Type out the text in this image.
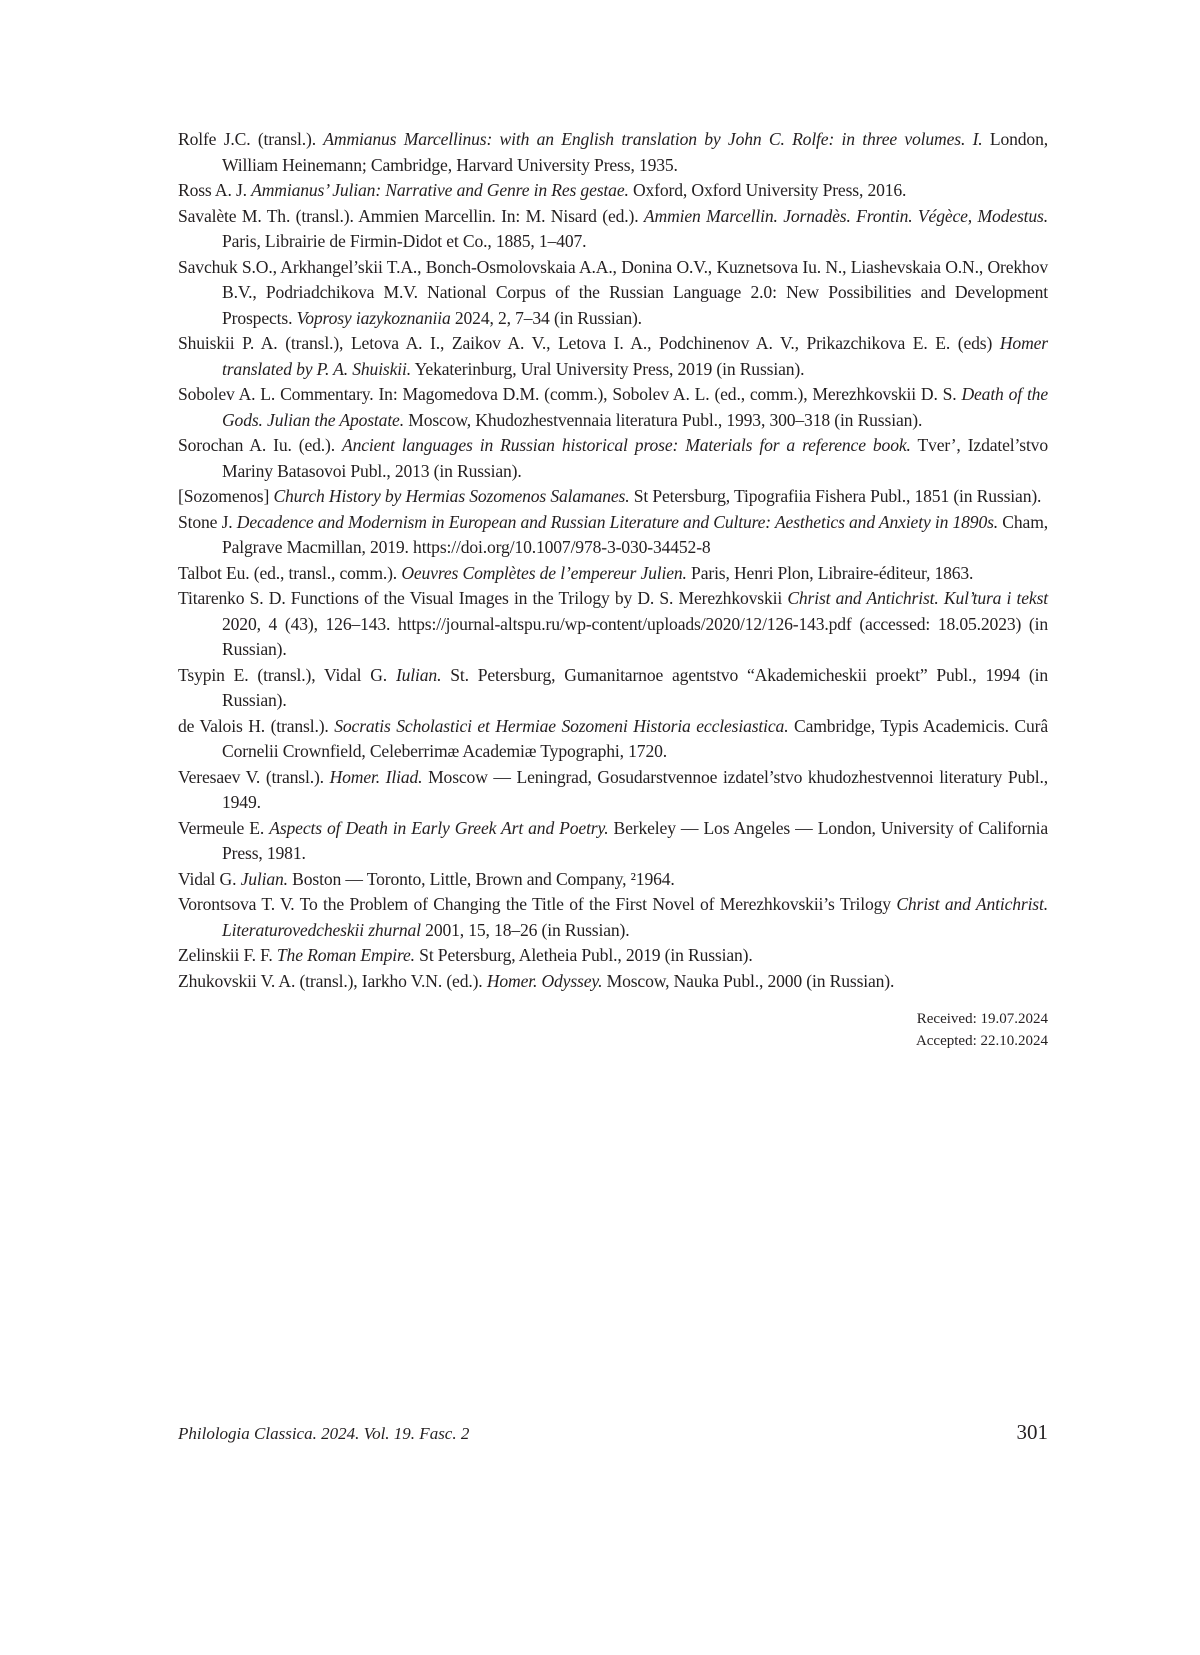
Rolfe J.C. (transl.). Ammianus Marcellinus: with an English translation by John C. Rolfe: in three volumes. I. London, William Heinemann; Cambridge, Harvard University Press, 1935.
Ross A. J. Ammianus’ Julian: Narrative and Genre in Res gestae. Oxford, Oxford University Press, 2016.
Savalète M. Th. (transl.). Ammien Marcellin. In: M. Nisard (ed.). Ammien Marcellin. Jornadès. Frontin. Végèce, Modestus. Paris, Librairie de Firmin-Didot et Co., 1885, 1–407.
Savchuk S.O., Arkhangel’skii T.A., Bonch-Osmolovskaia A.A., Donina O.V., Kuznetsova Iu. N., Liashevskaia O.N., Orekhov B.V., Podriadchikova M.V. National Corpus of the Russian Language 2.0: New Possibilities and Development Prospects. Voprosy iazykoznaniia 2024, 2, 7–34 (in Russian).
Shuiskii P. A. (transl.), Letova A. I., Zaikov A. V., Letova I. A., Podchinenov A. V., Prikazchikova E. E. (eds) Homer translated by P. A. Shuiskii. Yekaterinburg, Ural University Press, 2019 (in Russian).
Sobolev A. L. Commentary. In: Magomedova D.M. (comm.), Sobolev A. L. (ed., comm.), Merezhkovskii D. S. Death of the Gods. Julian the Apostate. Moscow, Khudozhestvennaia literatura Publ., 1993, 300–318 (in Russian).
Sorochan A. Iu. (ed.). Ancient languages in Russian historical prose: Materials for a reference book. Tver’, Izdatel’stvo Mariny Batasovoi Publ., 2013 (in Russian).
[Sozomenos] Church History by Hermias Sozomenos Salamanes. St Petersburg, Tipografiia Fishera Publ., 1851 (in Russian).
Stone J. Decadence and Modernism in European and Russian Literature and Culture: Aesthetics and Anxiety in 1890s. Cham, Palgrave Macmillan, 2019. https://doi.org/10.1007/978-3-030-34452-8
Talbot Eu. (ed., transl., comm.). Oeuvres Complètes de l’empereur Julien. Paris, Henri Plon, Libraire-éditeur, 1863.
Titarenko S. D. Functions of the Visual Images in the Trilogy by D. S. Merezhkovskii Christ and Antichrist. Kul’tura i tekst 2020, 4 (43), 126–143. https://journal-altspu.ru/wp-content/uploads/2020/12/126-143.pdf (accessed: 18.05.2023) (in Russian).
Tsypin E. (transl.), Vidal G. Iulian. St. Petersburg, Gumanitarnoe agentstvo “Akademicheskii proekt” Publ., 1994 (in Russian).
de Valois H. (transl.). Socratis Scholastici et Hermiae Sozomeni Historia ecclesiastica. Cambridge, Typis Academicis. Curâ Cornelii Crownfield, Celeberrimæ Academiæ Typographi, 1720.
Veresaev V. (transl.). Homer. Iliad. Moscow — Leningrad, Gosudarstvennoe izdatel’stvo khudozhestvennoi literatury Publ., 1949.
Vermeule E. Aspects of Death in Early Greek Art and Poetry. Berkeley — Los Angeles — London, University of California Press, 1981.
Vidal G. Julian. Boston — Toronto, Little, Brown and Company, ²1964.
Vorontsova T. V. To the Problem of Changing the Title of the First Novel of Merezhkovskii’s Trilogy Christ and Antichrist. Literaturovedcheskii zhurnal 2001, 15, 18–26 (in Russian).
Zelinskii F. F. The Roman Empire. St Petersburg, Aletheia Publ., 2019 (in Russian).
Zhukovskii V. A. (transl.), Iarkho V.N. (ed.). Homer. Odyssey. Moscow, Nauka Publ., 2000 (in Russian).
Received: 19.07.2024
Accepted: 22.10.2024
Philologia Classica. 2024. Vol. 19. Fasc. 2	301
